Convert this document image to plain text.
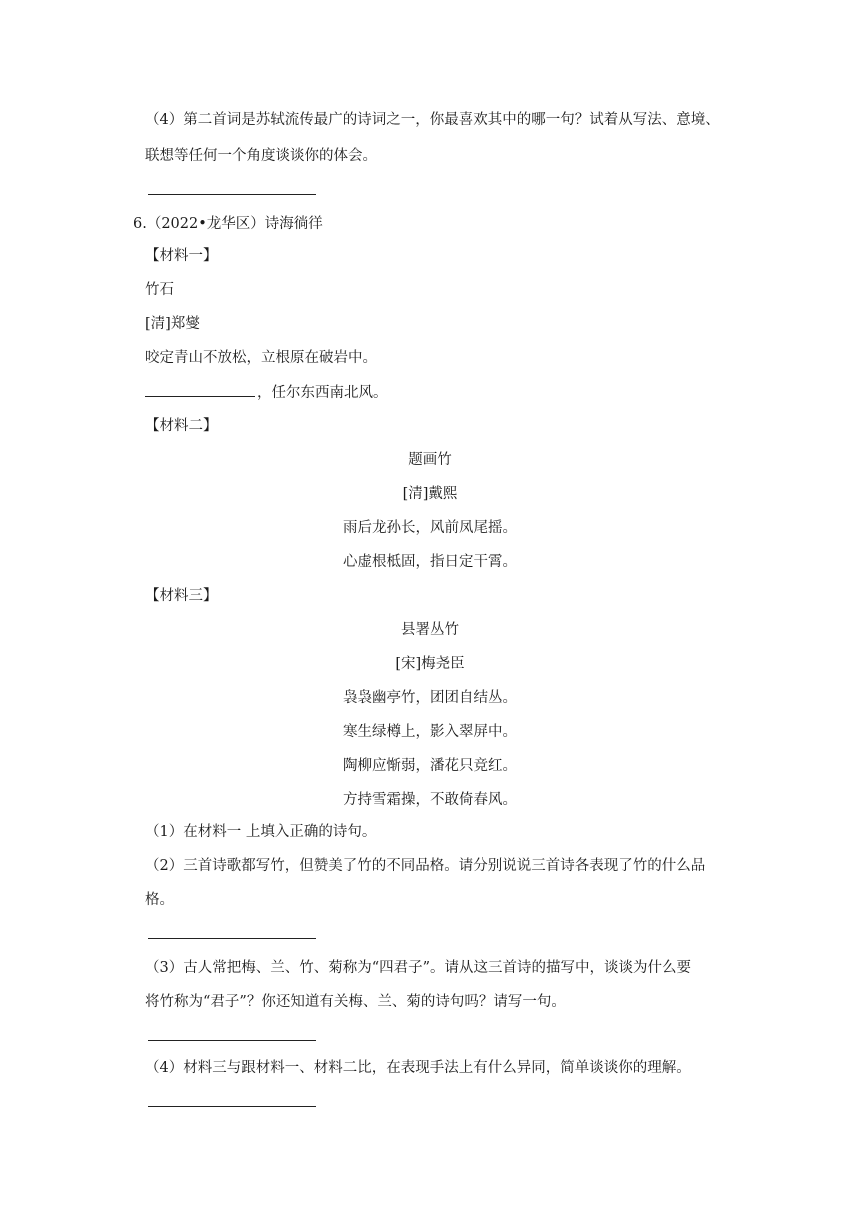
（4）第二首词是苏轼流传最广的诗词之一，你最喜欢其中的哪一句？试着从写法、意境、
联想等任何一个角度谈谈你的体会。
6.（2022•龙华区）诗海徜徉
【材料一】
竹石
[清]郑燮
咬定青山不放松，立根原在破岩中。
，任尔东西南北风。
【材料二】
题画竹
[清]戴熙
雨后龙孙长，风前凤尾摇。
心虚根柢固，指日定干霄。
【材料三】
县署丛竹
[宋]梅尧臣
袅袅幽亭竹，团团自结丛。
寒生绿樽上，影入翠屏中。
陶柳应惭弱，潘花只竞红。
方持雪霜操，不敢倚春风。
（1）在材料一 上填入正确的诗句。
（2）三首诗歌都写竹，但赞美了竹的不同品格。请分别说说三首诗各表现了竹的什么品
格。
（3）古人常把梅、兰、竹、菊称为“四君子”。请从这三首诗的描写中，谈谈为什么要
将竹称为“君子”？你还知道有关梅、兰、菊的诗句吗？请写一句。
（4）材料三与跟材料一、材料二比，在表现手法上有什么异同，简单谈谈你的理解。
